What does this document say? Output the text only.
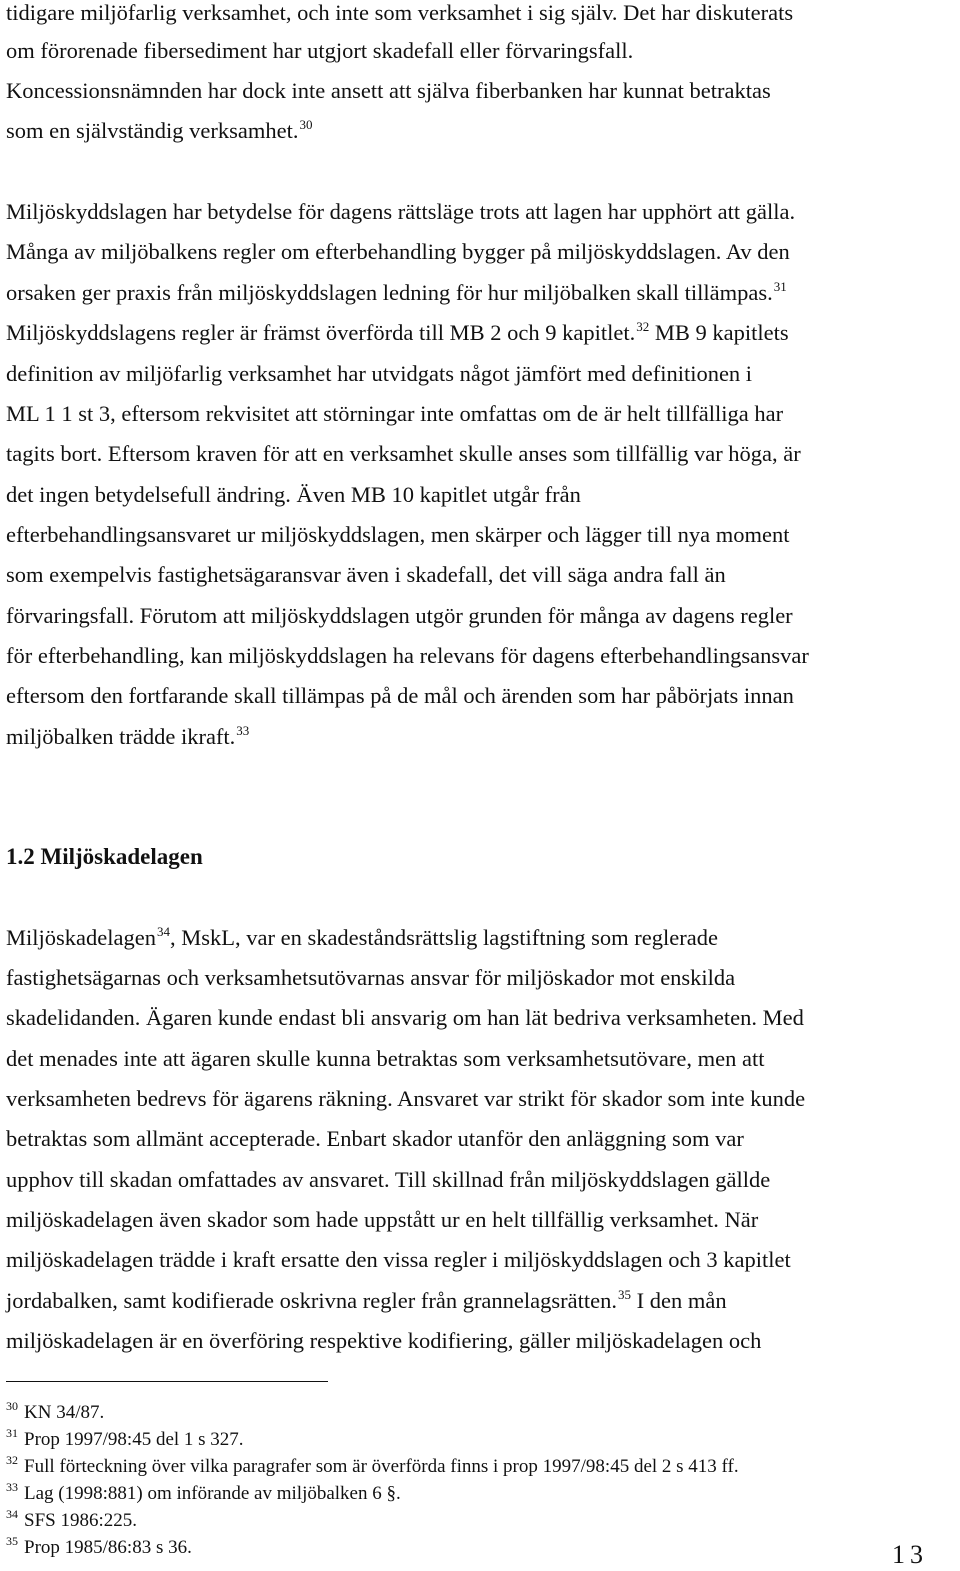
tidigare miljöfarlig verksamhet, och inte som verksamhet i sig själv. Det har diskuterats
om förorenade fibersediment har utgjort skadefall eller förvaringsfall.
Koncessionsnämnden har dock inte ansett att själva fiberbanken har kunnat betraktas
som en självständig verksamhet.$^{30}$
Miljöskyddslagen har betydelse för dagens rättsläge trots att lagen har upphört att gälla.
Många av miljöbalkens regler om efterbehandling bygger på miljöskyddslagen. Av den
orsaken ger praxis från miljöskyddslagen ledning för hur miljöbalken skall tillämpas.$^{31}$
Miljöskyddslagens regler är främst överförda till MB 2 och 9 kapitlet.$^{32}$ MB 9 kapitlets
definition av miljöfarlig verksamhet har utvidgats något jämfört med definitionen i
ML 1 1 st 3, eftersom rekvisitet att störningar inte omfattas om de är helt tillfälliga har
tagits bort. Eftersom kraven för att en verksamhet skulle anses som tillfällig var höga, är
det ingen betydelsefull ändring. Även MB 10 kapitlet utgår från
efterbehandlingsansvaret ur miljöskyddslagen, men skärper och lägger till nya moment
som exempelvis fastighetsägaransvar även i skadefall, det vill säga andra fall än
förvaringsfall. Förutom att miljöskyddslagen utgör grunden för många av dagens regler
för efterbehandling, kan miljöskyddslagen ha relevans för dagens efterbehandlingsansvar
eftersom den fortfarande skall tillämpas på de mål och ärenden som har påbörjats innan
miljöbalken trädde ikraft.$^{33}$
1.2 Miljöskadelagen
Miljöskadelagen$^{34}$, MskL, var en skadeståndsrättslig lagstiftning som reglerade
fastighetsägarnas och verksamhetsutövarnas ansvar för miljöskador mot enskilda
skadelidanden. Ägaren kunde endast bli ansvarig om han lät bedriva verksamheten. Med
det menades inte att ägaren skulle kunna betraktas som verksamhetsutövare, men att
verksamheten bedrevs för ägarens räkning. Ansvaret var strikt för skador som inte kunde
betraktas som allmänt accepterade. Enbart skador utanför den anläggning som var
upphov till skadan omfattades av ansvaret. Till skillnad från miljöskyddslagen gällde
miljöskadelagen även skador som hade uppstått ur en helt tillfällig verksamhet. När
miljöskadelagen trädde i kraft ersatte den vissa regler i miljöskyddslagen och 3 kapitlet
jordabalken, samt kodifierade oskrivna regler från grannelagsrätten.$^{35}$ I den mån
miljöskadelagen är en överföring respektive kodifiering, gäller miljöskadelagen och
$^{30}$ KN 34/87.
$^{31}$ Prop 1997/98:45 del 1 s 327.
$^{32}$ Full förteckning över vilka paragrafer som är överförda finns i prop 1997/98:45 del 2 s 413 ff.
$^{33}$ Lag (1998:881) om införande av miljöbalken 6 §.
$^{34}$ SFS 1986:225.
$^{35}$ Prop 1985/86:83 s 36.	13
